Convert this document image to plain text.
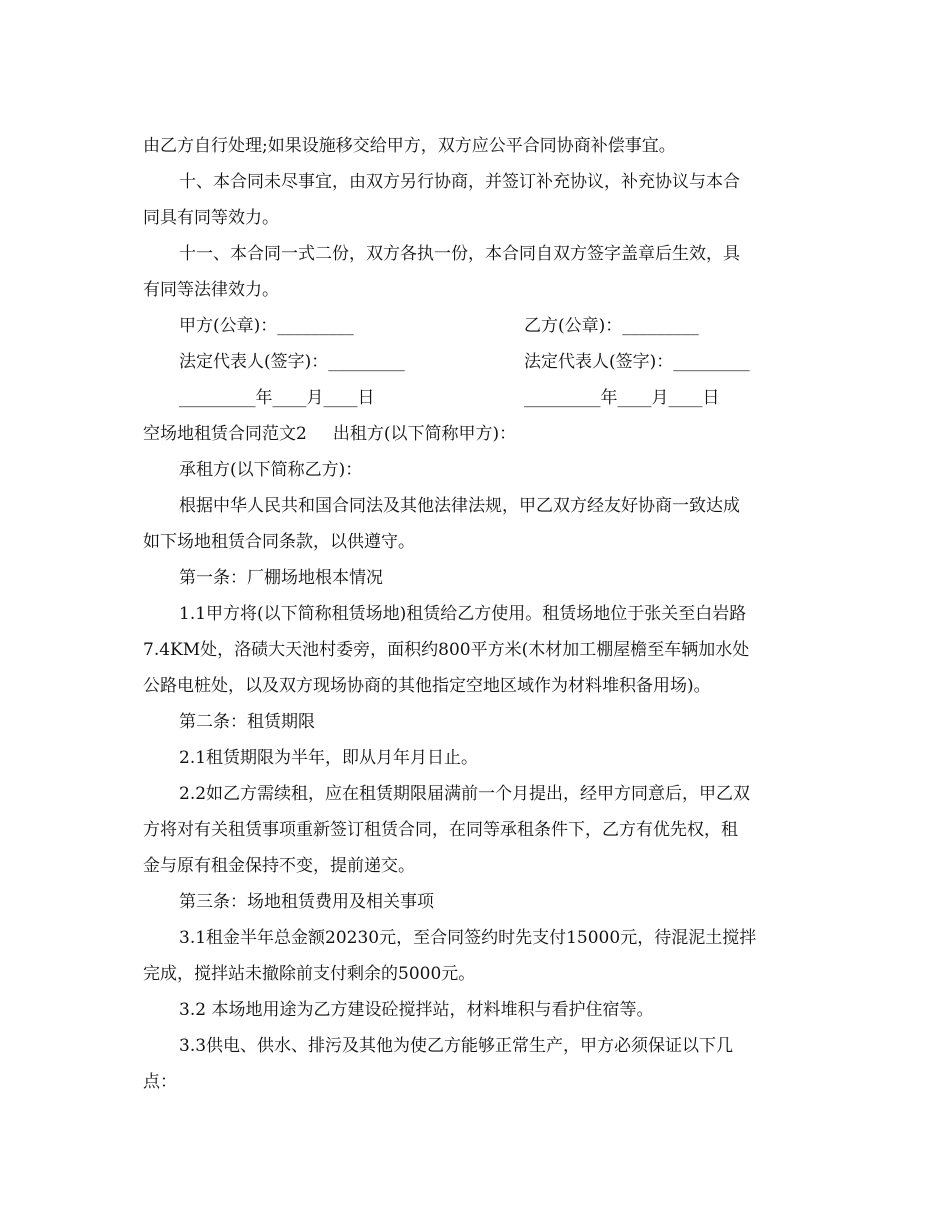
由乙方自行处理;如果设施移交给甲方，双方应公平合同协商补偿事宜。
十、本合同未尽事宜，由双方另行协商，并签订补充协议，补充协议与本合
同具有同等效力。
十一、本合同一式二份，双方各执一份，本合同自双方签字盖章后生效，具
有同等法律效力。
甲方(公章)：_________	乙方(公章)：_________
法定代表人(签字)：_________	法定代表人(签字)：_________
_________年____月____日	_________年____月____日
空场地租赁合同范文2 出租方(以下简称甲方)：
承租方(以下简称乙方)：
根据中华人民共和国合同法及其他法律法规，甲乙双方经友好协商一致达成
如下场地租赁合同条款，以供遵守。
第一条：厂棚场地根本情况
1.1甲方将(以下简称租赁场地)租赁给乙方使用。租赁场地位于张关至白岩路
7.4KM处，洛碛大天池村委旁，面积约800平方米(木材加工棚屋檐至车辆加水处
公路电桩处，以及双方现场协商的其他指定空地区域作为材料堆积备用场)。
第二条：租赁期限
2.1租赁期限为半年，即从月年月日止。
2.2如乙方需续租，应在租赁期限届满前一个月提出，经甲方同意后，甲乙双
方将对有关租赁事项重新签订租赁合同，在同等承租条件下，乙方有优先权，租
金与原有租金保持不变，提前递交。
第三条：场地租赁费用及相关事项
3.1租金半年总金额20230元，至合同签约时先支付15000元，待混泥土搅拌
完成，搅拌站未撤除前支付剩余的5000元。
3.2 本场地用途为乙方建设砼搅拌站，材料堆积与看护住宿等。
3.3供电、供水、排污及其他为使乙方能够正常生产，甲方必须保证以下几
点：
